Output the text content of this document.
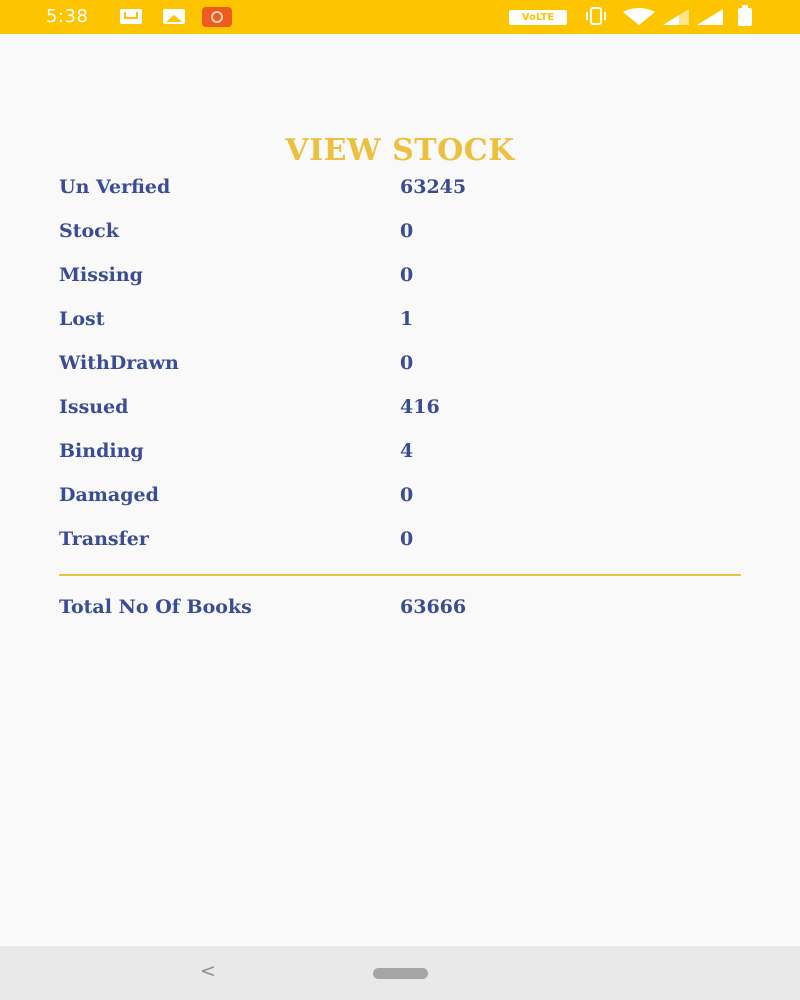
5:38	VoLTE
VIEW STOCK
Un Verfied	63245
Stock	0
Missing	0
Lost	1
WithDrawn	0
Issued	416
Binding	4
Damaged	0
Transfer	0
Total No Of Books	63666
<
